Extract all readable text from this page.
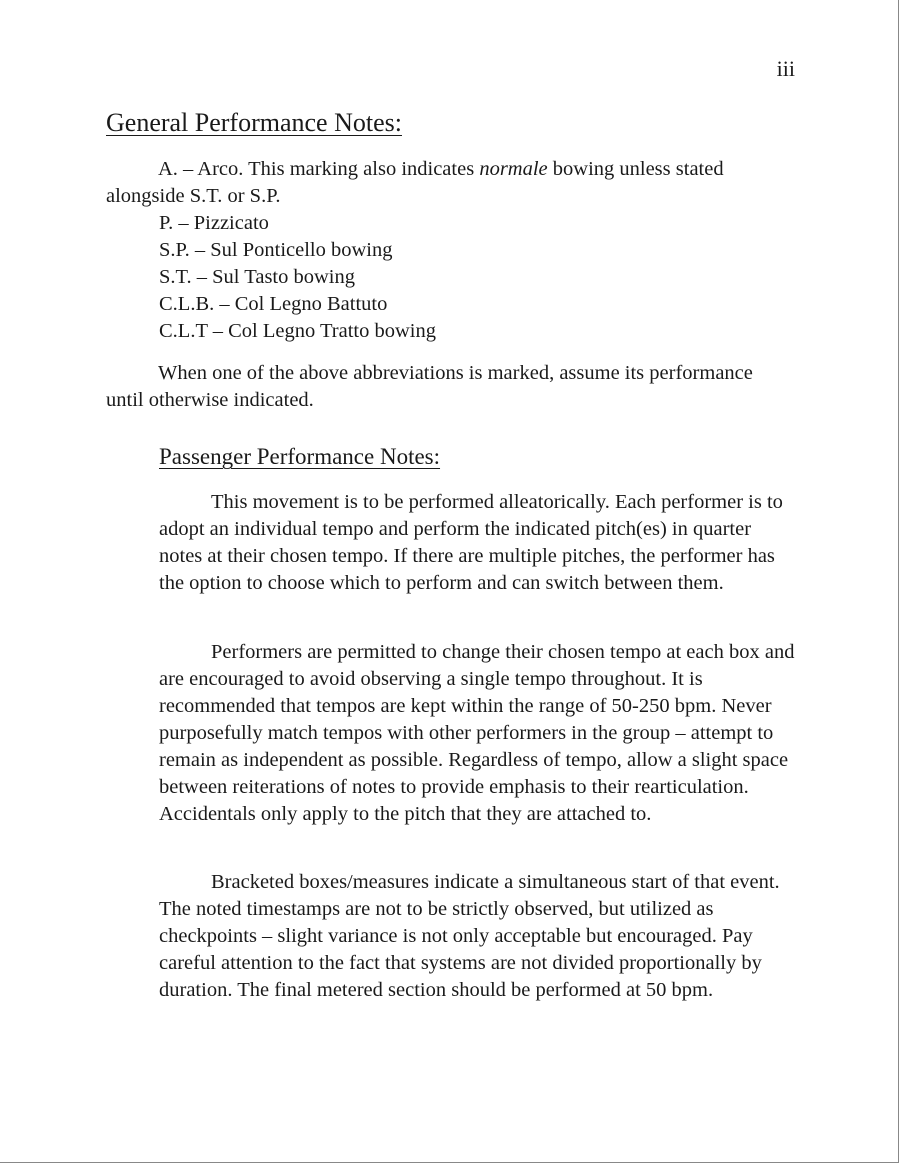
iii
General Performance Notes:

A. – Arco. This marking also indicates normale bowing unless stated alongside S.T. or S.P.

P. – Pizzicato
S.P. – Sul Ponticello bowing
S.T. – Sul Tasto bowing
C.L.B. – Col Legno Battuto
C.L.T – Col Legno Tratto bowing

When one of the above abbreviations is marked, assume its performance until otherwise indicated.

Passenger Performance Notes:

This movement is to be performed alleatorically. Each performer is to adopt an individual tempo and perform the indicated pitch(es) in quarter notes at their chosen tempo. If there are multiple pitches, the performer has the option to choose which to perform and can switch between them.

Performers are permitted to change their chosen tempo at each box and are encouraged to avoid observing a single tempo throughout. It is recommended that tempos are kept within the range of 50-250 bpm. Never purposefully match tempos with other performers in the group – attempt to remain as independent as possible. Regardless of tempo, allow a slight space between reiterations of notes to provide emphasis to their rearticulation. Accidentals only apply to the pitch that they are attached to.

Bracketed boxes/measures indicate a simultaneous start of that event. The noted timestamps are not to be strictly observed, but utilized as checkpoints – slight variance is not only acceptable but encouraged. Pay careful attention to the fact that systems are not divided proportionally by duration. The final metered section should be performed at 50 bpm.
